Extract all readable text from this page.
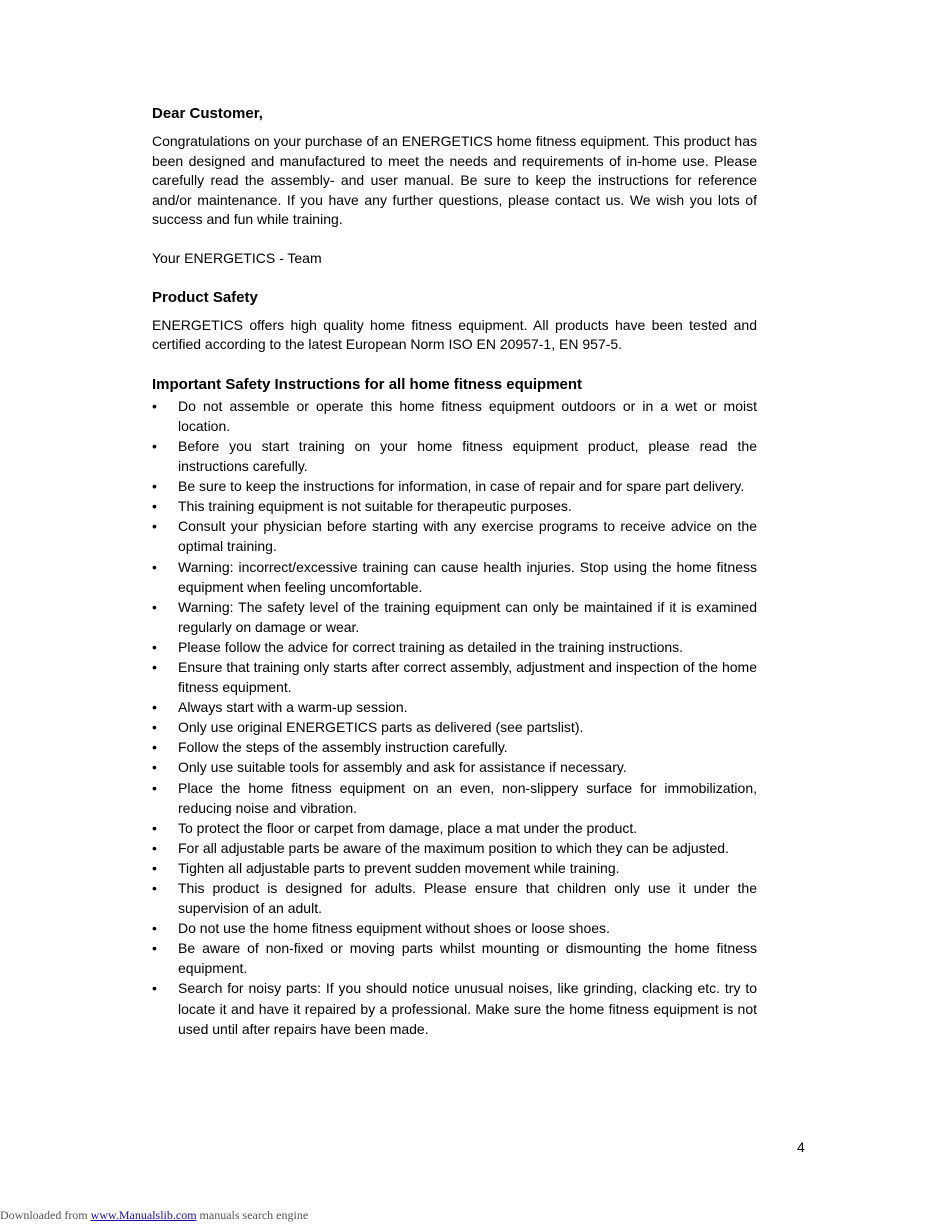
Dear Customer,

Congratulations on your purchase of an ENERGETICS home fitness equipment. This product has been designed and manufactured to meet the needs and requirements of in-home use. Please carefully read the assembly- and user manual. Be sure to keep the instructions for reference and/or maintenance. If you have any further questions, please contact us. We wish you lots of success and fun while training.

Your ENERGETICS - Team

Product Safety

ENERGETICS offers high quality home fitness equipment. All products have been tested and certified according to the latest European Norm ISO EN 20957-1, EN 957-5.

Important Safety Instructions for all home fitness equipment
•	Do not assemble or operate this home fitness equipment outdoors or in a wet or moist location.
•	Before you start training on your home fitness equipment product, please read the instructions carefully.
•	Be sure to keep the instructions for information, in case of repair and for spare part delivery.
•	This training equipment is not suitable for therapeutic purposes.
•	Consult your physician before starting with any exercise programs to receive advice on the optimal training.
•	Warning: incorrect/excessive training can cause health injuries. Stop using the home fitness equipment when feeling uncomfortable.
•	Warning: The safety level of the training equipment can only be maintained if it is examined regularly on damage or wear.
•	Please follow the advice for correct training as detailed in the training instructions.
•	Ensure that training only starts after correct assembly, adjustment and inspection of the home fitness equipment.
•	Always start with a warm-up session.
•	Only use original ENERGETICS parts as delivered (see partslist).
•	Follow the steps of the assembly instruction carefully.
•	Only use suitable tools for assembly and ask for assistance if necessary.
•	Place the home fitness equipment on an even, non-slippery surface for immobilization, reducing noise and vibration.
•	To protect the floor or carpet from damage, place a mat under the product.
•	For all adjustable parts be aware of the maximum position to which they can be adjusted.
•	Tighten all adjustable parts to prevent sudden movement while training.
•	This product is designed for adults. Please ensure that children only use it under the supervision of an adult.
•	Do not use the home fitness equipment without shoes or loose shoes.
•	Be aware of non-fixed or moving parts whilst mounting or dismounting the home fitness equipment.
•	Search for noisy parts: If you should notice unusual noises, like grinding, clacking etc. try to locate it and have it repaired by a professional. Make sure the home fitness equipment is not used until after repairs have been made.
4
Downloaded from www.Manualslib.com manuals search engine
